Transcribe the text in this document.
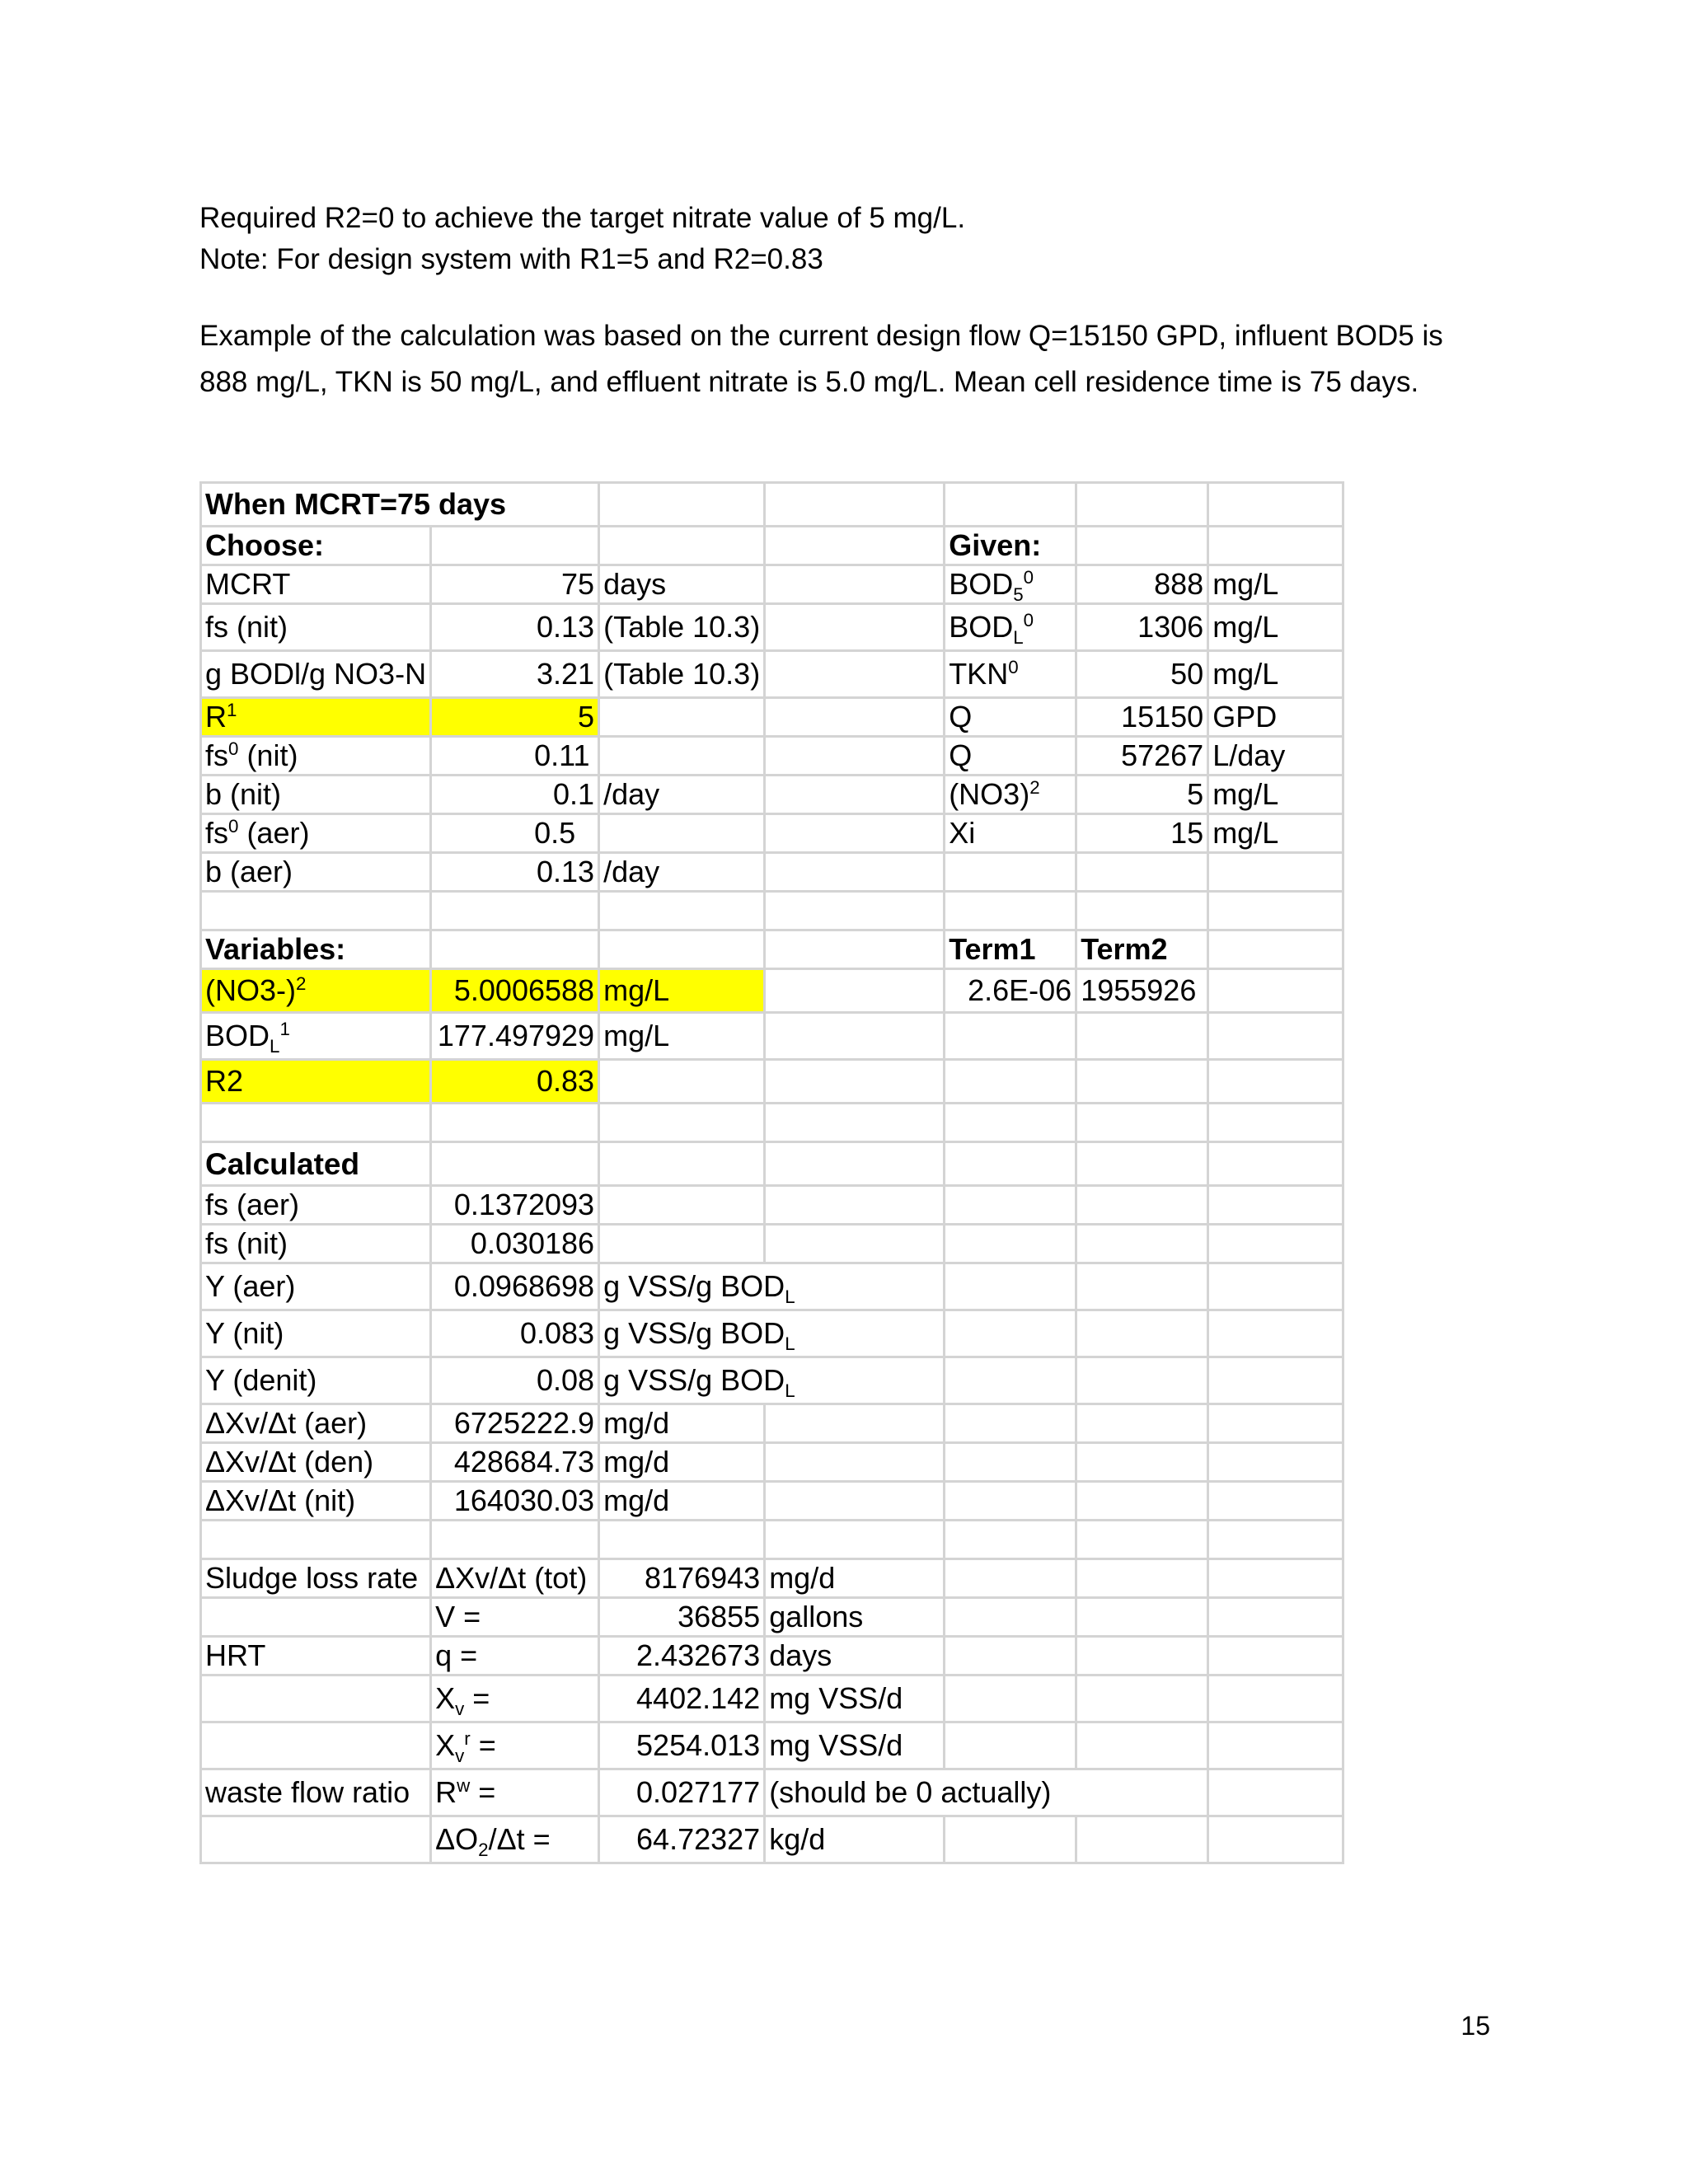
Required R2=0 to achieve the target nitrate value of 5 mg/L.
Note: For design system with R1=5 and R2=0.83

Example of the calculation was based on the current design flow Q=15150 GPD, influent BOD5 is 888 mg/L, TKN is 50 mg/L, and effluent nitrate is 5.0 mg/L. Mean cell residence time is 75 days.

When MCRT=75 days						
Choose:				Given:		
MCRT	75	days		$BOD_5^0$	888	mg/L
fs (nit)	0.13	(Table 10.3)		$BOD_L^0$	1306	mg/L
g BODl/g NO3-N	3.21	(Table 10.3)		TKN$^0$	50	mg/L
$R^1$	5			Q	15150	GPD
$fs^0$ (nit)	0.11			Q	57267	L/day
b (nit)	0.1	/day		$(NO3)^2$	5	mg/L
$fs^0$ (aer)	0.5			Xi	15	mg/L
b (aer)	0.13	/day				

Variables:				Term1	Term2	
$(NO3-)^2$	5.0006588	mg/L		2.6E-06	1955926	
$BOD_L^1$	177.497929	mg/L				
R2	0.83					

Calculated						
fs (aer)	0.1372093					
fs (nit)	0.030186					
Y (aer)	0.0968698	g VSS/g $BOD_L$			
Y (nit)	0.083	g VSS/g $BOD_L$			
Y (denit)	0.08	g VSS/g $BOD_L$			
ΔXv/Δt (aer)	6725222.9	mg/d				
ΔXv/Δt (den)	428684.73	mg/d				
ΔXv/Δt (nit)	164030.03	mg/d				

Sludge loss rate	ΔXv/Δt (tot)	8176943	mg/d			
	V =	36855	gallons			
HRT	q =	2.432673	days			
	$X_v$ =	4402.142	mg VSS/d			
	$X_v^r$ =	5254.013	mg VSS/d			
waste flow ratio	$R^w$ =	0.027177	(should be 0 actually)			
	$\Delta O_2/\Delta t$ =	64.72327	kg/d			
15
